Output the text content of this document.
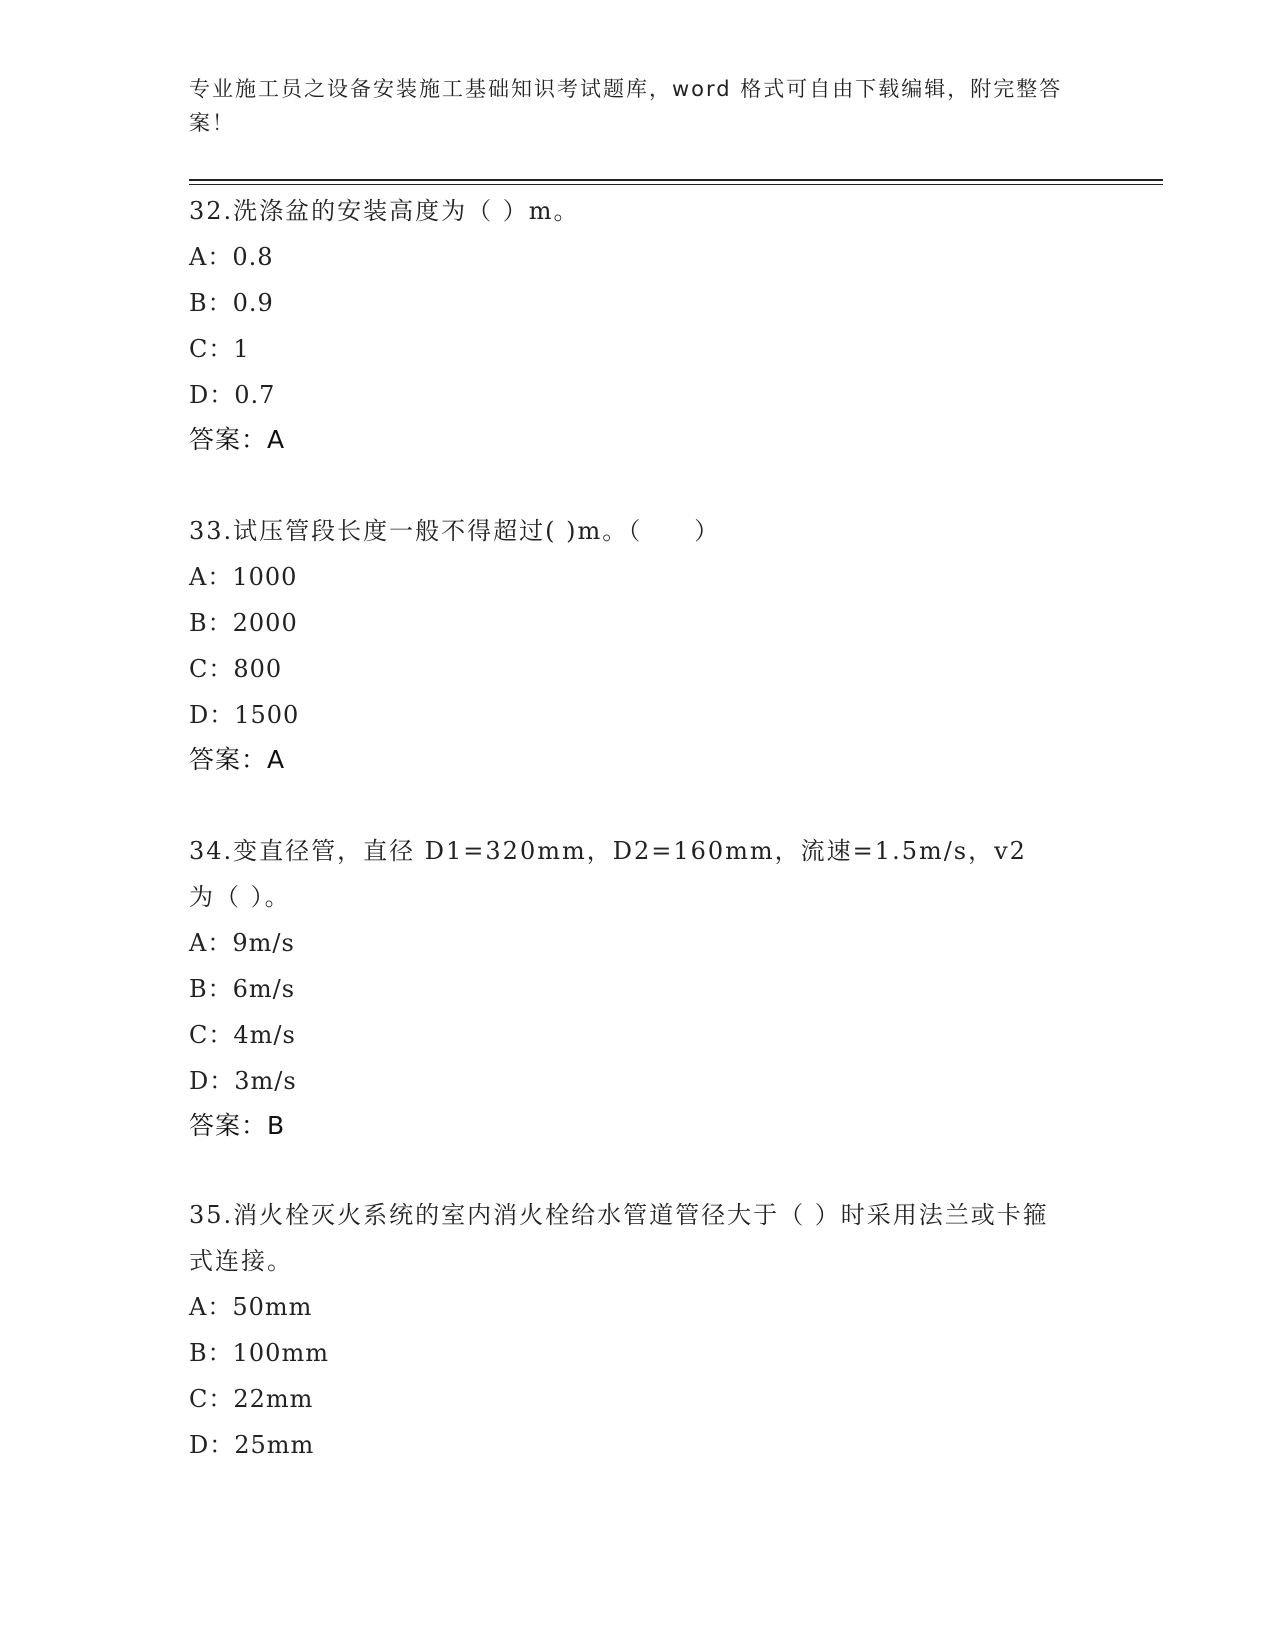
专业施工员之设备安装施工基础知识考试题库，word 格式可自由下载编辑，附完整答案！
32.洗涤盆的安装高度为（ ）m。
A：0.8
B：0.9
C：1
D：0.7
答案：A
33.试压管段长度一般不得超过( )m。（　　）
A：1000
B：2000
C：800
D：1500
答案：A
34.变直径管，直径 D1=320mm，D2=160mm，流速=1.5m/s，v2 为（ ）。
A：9m/s
B：6m/s
C：4m/s
D：3m/s
答案：B
35.消火栓灭火系统的室内消火栓给水管道管径大于（ ）时采用法兰或卡箍式连接。
A：50mm
B：100mm
C：22mm
D：25mm
